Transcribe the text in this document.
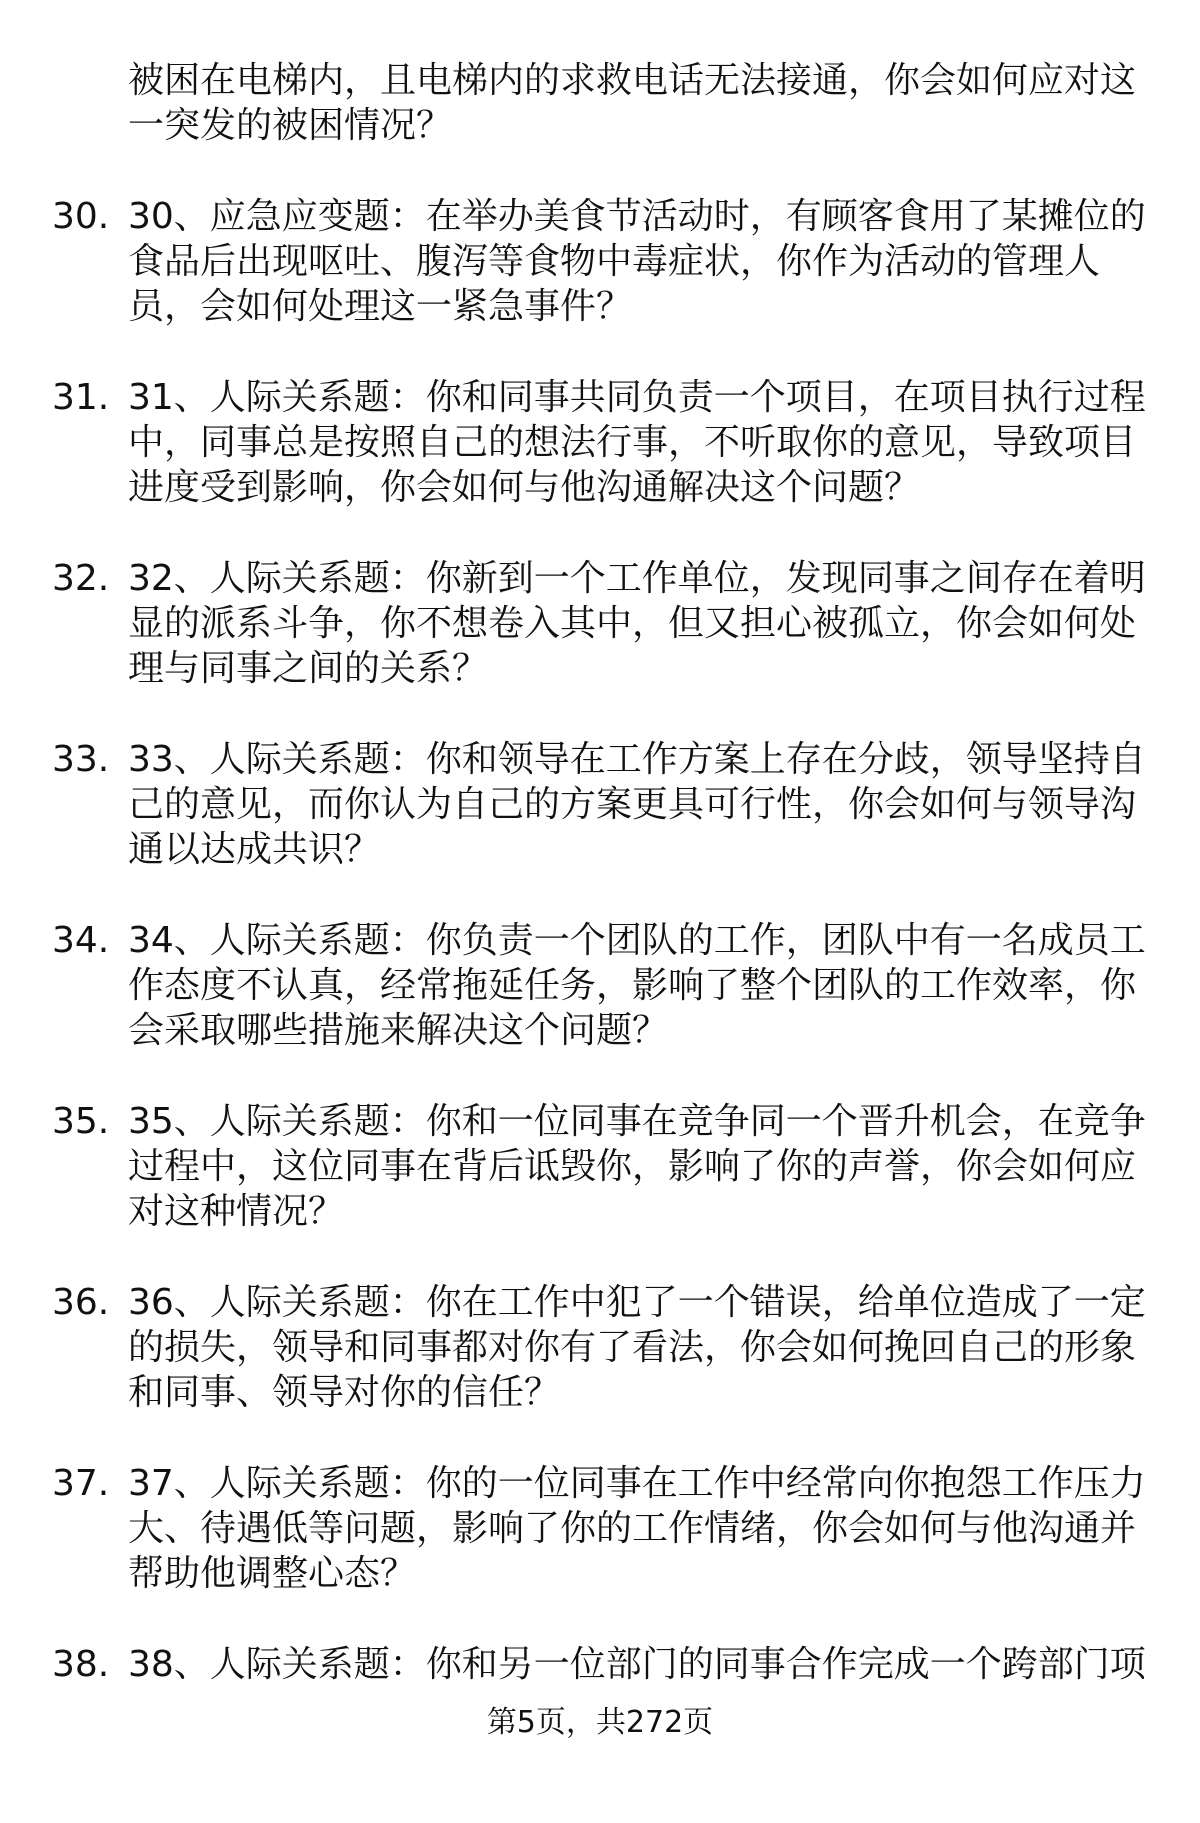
被困在电梯内，且电梯内的求救电话无法接通，你会如何应对这一突发的被困情况？
30. 30、应急应变题：在举办美食节活动时，有顾客食用了某摊位的食品后出现呕吐、腹泻等食物中毒症状，你作为活动的管理人员，会如何处理这一紧急事件？
31. 31、人际关系题：你和同事共同负责一个项目，在项目执行过程中，同事总是按照自己的想法行事，不听取你的意见，导致项目进度受到影响，你会如何与他沟通解决这个问题？
32. 32、人际关系题：你新到一个工作单位，发现同事之间存在着明显的派系斗争，你不想卷入其中，但又担心被孤立，你会如何处理与同事之间的关系？
33. 33、人际关系题：你和领导在工作方案上存在分歧，领导坚持自己的意见，而你认为自己的方案更具可行性，你会如何与领导沟通以达成共识？
34. 34、人际关系题：你负责一个团队的工作，团队中有一名成员工作态度不认真，经常拖延任务，影响了整个团队的工作效率，你会采取哪些措施来解决这个问题？
35. 35、人际关系题：你和一位同事在竞争同一个晋升机会，在竞争过程中，这位同事在背后诋毁你，影响了你的声誉，你会如何应对这种情况？
36. 36、人际关系题：你在工作中犯了一个错误，给单位造成了一定的损失，领导和同事都对你有了看法，你会如何挽回自己的形象和同事、领导对你的信任？
37. 37、人际关系题：你的一位同事在工作中经常向你抱怨工作压力大、待遇低等问题，影响了你的工作情绪，你会如何与他沟通并帮助他调整心态？
38. 38、人际关系题：你和另一位部门的同事合作完成一个跨部门项
第5页，共272页
